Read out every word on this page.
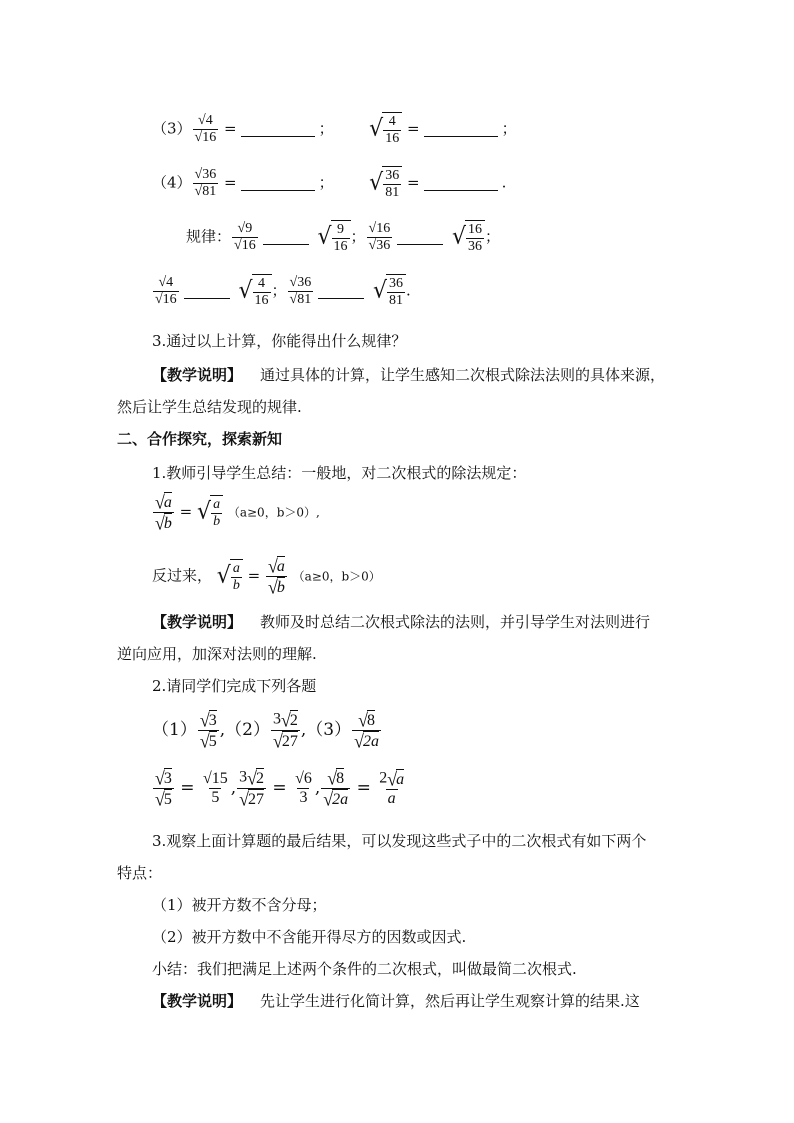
$(3) \frac{√4}{√16}$ =	； √ $\frac{4}{16}$ =	；
$(4) \frac{√36}{√81}$ =	； √ $\frac{36}{81}$ =	.
规律： $\frac{√9}{√16}$
	√ $\frac{9}{16}$ ； $\frac{√16}{√36}$
	√ $\frac{16}{36}$ ；
$\frac{√4}{√16}$
	√ $\frac{4}{16}$ ； $\frac{√36}{√81}$
	√ $\frac{36}{81}$ .
3.通过以上计算，你能得出什么规律？
【教学说明】 通过具体的计算，让学生感知二次根式除法法则的具体来源，
然后让学生总结发现的规律.
二、合作探究，探索新知
1.教师引导学生总结：一般地，对二次根式的除法规定：
$\frac{√ a}{√ b}$ = √ $\frac{a}{b} (a\ge 0$，b＞0）,
反过来， √ $\frac{a}{b} = \frac{√ a}{√ b} (a\ge 0$，b＞0）
【教学说明】 教师及时总结二次根式除法的法则，并引导学生对法则进行
逆向应用，加深对法则的理解.
2.请同学们完成下列各题
$(1) \frac{√ 3}{√ 5} ,(2) \frac{3 √ 2}{√ 27} ,(3) \frac{√ 8}{√ 2a}$
$\frac{√ 3}{√ 5} = \frac{√15}{5}$ , $\frac{3 √ 2}{√ 27} = \frac{√6}{3}$ , $\frac{√ 8}{√ 2a} = \frac{2 √ a}{a}$
3.观察上面计算题的最后结果，可以发现这些式子中的二次根式有如下两个
特点：
（1）被开方数不含分母；
（2）被开方数中不含能开得尽方的因数或因式.
小结：我们把满足上述两个条件的二次根式，叫做最简二次根式.
【教学说明】 先让学生进行化简计算，然后再让学生观察计算的结果.这
